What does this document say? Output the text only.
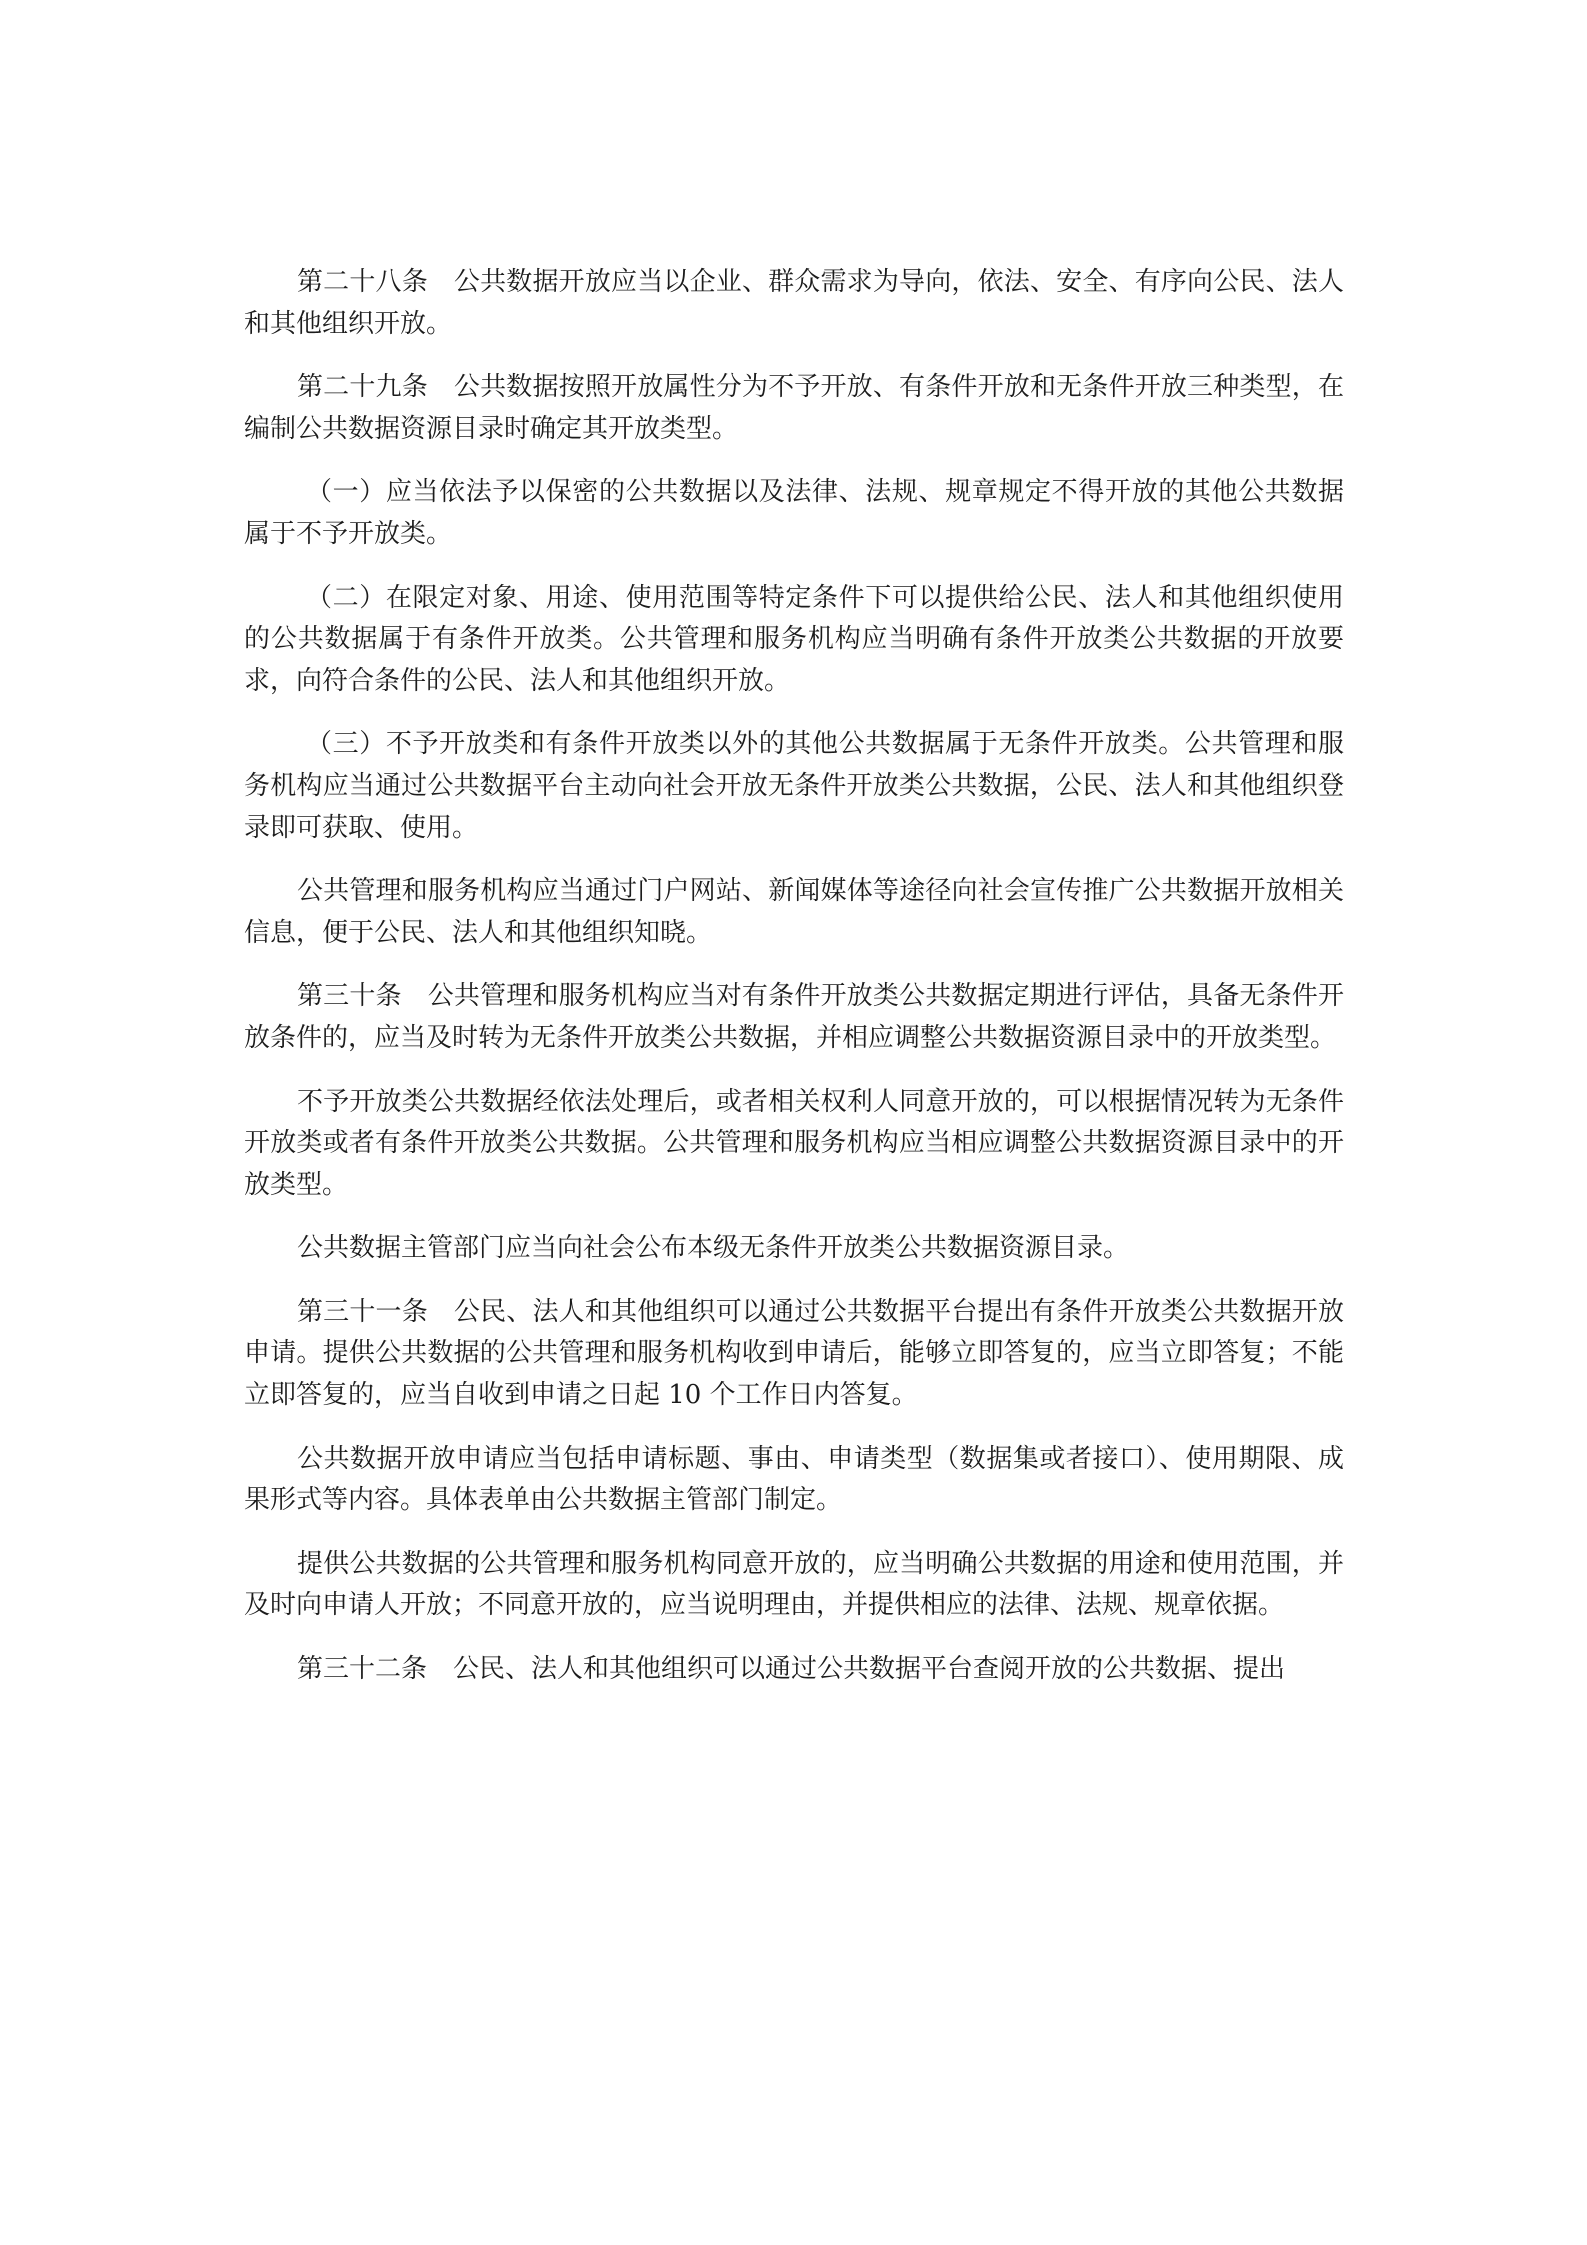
第二十八条 公共数据开放应当以企业、群众需求为导向，依法、安全、有序向公民、法人和其他组织开放。

第二十九条 公共数据按照开放属性分为不予开放、有条件开放和无条件开放三种类型，在编制公共数据资源目录时确定其开放类型。

（一）应当依法予以保密的公共数据以及法律、法规、规章规定不得开放的其他公共数据属于不予开放类。

（二）在限定对象、用途、使用范围等特定条件下可以提供给公民、法人和其他组织使用的公共数据属于有条件开放类。公共管理和服务机构应当明确有条件开放类公共数据的开放要求，向符合条件的公民、法人和其他组织开放。

（三）不予开放类和有条件开放类以外的其他公共数据属于无条件开放类。公共管理和服务机构应当通过公共数据平台主动向社会开放无条件开放类公共数据，公民、法人和其他组织登录即可获取、使用。

公共管理和服务机构应当通过门户网站、新闻媒体等途径向社会宣传推广公共数据开放相关信息，便于公民、法人和其他组织知晓。

第三十条 公共管理和服务机构应当对有条件开放类公共数据定期进行评估，具备无条件开放条件的，应当及时转为无条件开放类公共数据，并相应调整公共数据资源目录中的开放类型。

不予开放类公共数据经依法处理后，或者相关权利人同意开放的，可以根据情况转为无条件开放类或者有条件开放类公共数据。公共管理和服务机构应当相应调整公共数据资源目录中的开放类型。

公共数据主管部门应当向社会公布本级无条件开放类公共数据资源目录。

第三十一条 公民、法人和其他组织可以通过公共数据平台提出有条件开放类公共数据开放申请。提供公共数据的公共管理和服务机构收到申请后，能够立即答复的，应当立即答复；不能立即答复的，应当自收到申请之日起 10 个工作日内答复。

公共数据开放申请应当包括申请标题、事由、申请类型（数据集或者接口）、使用期限、成果形式等内容。具体表单由公共数据主管部门制定。

提供公共数据的公共管理和服务机构同意开放的，应当明确公共数据的用途和使用范围，并及时向申请人开放；不同意开放的，应当说明理由，并提供相应的法律、法规、规章依据。

第三十二条 公民、法人和其他组织可以通过公共数据平台查阅开放的公共数据、提出
